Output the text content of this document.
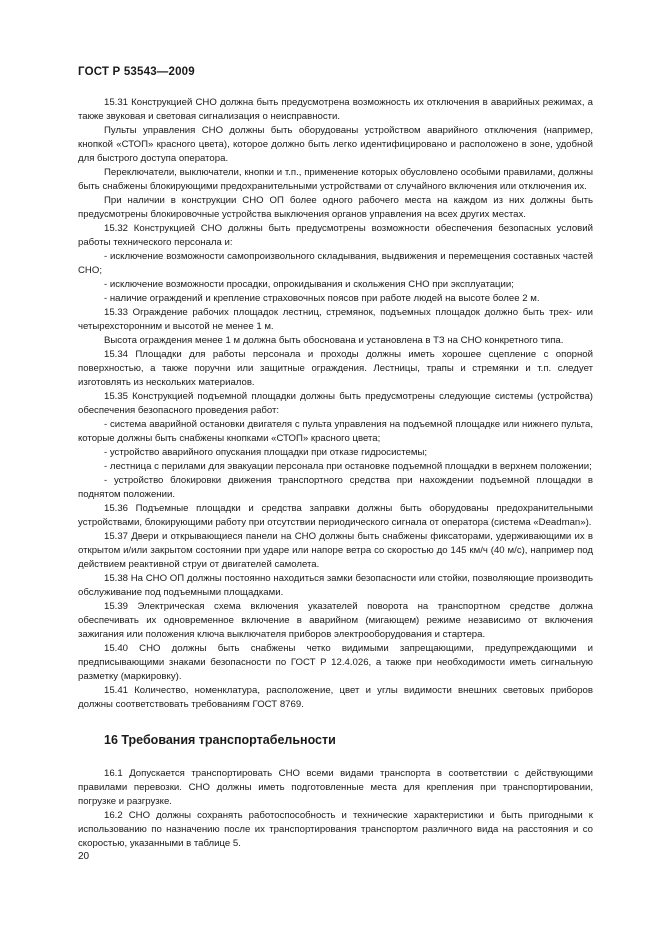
ГОСТ Р 53543—2009

15.31 Конструкцией СНО должна быть предусмотрена возможность их отключения в аварийных режимах, а также звуковая и световая сигнализация о неисправности.

Пульты управления СНО должны быть оборудованы устройством аварийного отключения (например, кнопкой «СТОП» красного цвета), которое должно быть легко идентифицировано и расположено в зоне, удобной для быстрого доступа оператора.

Переключатели, выключатели, кнопки и т.п., применение которых обусловлено особыми правилами, должны быть снабжены блокирующими предохранительными устройствами от случайного включения или отключения их.

При наличии в конструкции СНО ОП более одного рабочего места на каждом из них должны быть предусмотрены блокировочные устройства выключения органов управления на всех других местах.

15.32 Конструкцией СНО должны быть предусмотрены возможности обеспечения безопасных условий работы технического персонала и:

- исключение возможности самопроизвольного складывания, выдвижения и перемещения составных частей СНО;

- исключение возможности просадки, опрокидывания и скольжения СНО при эксплуатации;

- наличие ограждений и крепление страховочных поясов при работе людей на высоте более 2 м.

15.33 Ограждение рабочих площадок лестниц, стремянок, подъемных площадок должно быть трех- или четырехсторонним и высотой не менее 1 м.

Высота ограждения менее 1 м должна быть обоснована и установлена в ТЗ на СНО конкретного типа.

15.34 Площадки для работы персонала и проходы должны иметь хорошее сцепление с опорной поверхностью, а также поручни или защитные ограждения. Лестницы, трапы и стремянки и т.п. следует изготовлять из нескольких материалов.

15.35 Конструкцией подъемной площадки должны быть предусмотрены следующие системы (устройства) обеспечения безопасного проведения работ:

- система аварийной остановки двигателя с пульта управления на подъемной площадке или нижнего пульта, которые должны быть снабжены кнопками «СТОП» красного цвета;

- устройство аварийного опускания площадки при отказе гидросистемы;

- лестница с перилами для эвакуации персонала при остановке подъемной площадки в верхнем положении;

- устройство блокировки движения транспортного средства при нахождении подъемной площадки в поднятом положении.

15.36 Подъемные площадки и средства заправки должны быть оборудованы предохранительными устройствами, блокирующими работу при отсутствии периодического сигнала от оператора (система «Deadman»).

15.37 Двери и открывающиеся панели на СНО должны быть снабжены фиксаторами, удерживающими их в открытом и/или закрытом состоянии при ударе или напоре ветра со скоростью до 145 км/ч (40 м/с), например под действием реактивной струи от двигателей самолета.

15.38 На СНО ОП должны постоянно находиться замки безопасности или стойки, позволяющие производить обслуживание под подъемными площадками.

15.39 Электрическая схема включения указателей поворота на транспортном средстве должна обеспечивать их одновременное включение в аварийном (мигающем) режиме независимо от включения зажигания или положения ключа выключателя приборов электрооборудования и стартера.

15.40 СНО должны быть снабжены четко видимыми запрещающими, предупреждающими и предписывающими знаками безопасности по ГОСТ Р 12.4.026, а также при необходимости иметь сигнальную разметку (маркировку).

15.41 Количество, номенклатура, расположение, цвет и углы видимости внешних световых приборов должны соответствовать требованиям ГОСТ 8769.

16 Требования транспортабельности

16.1 Допускается транспортировать СНО всеми видами транспорта в соответствии с действующими правилами перевозки. СНО должны иметь подготовленные места для крепления при транспортировании, погрузке и разгрузке.

16.2 СНО должны сохранять работоспособность и технические характеристики и быть пригодными к использованию по назначению после их транспортирования транспортом различного вида на расстояния и со скоростью, указанными в таблице 5.

20
